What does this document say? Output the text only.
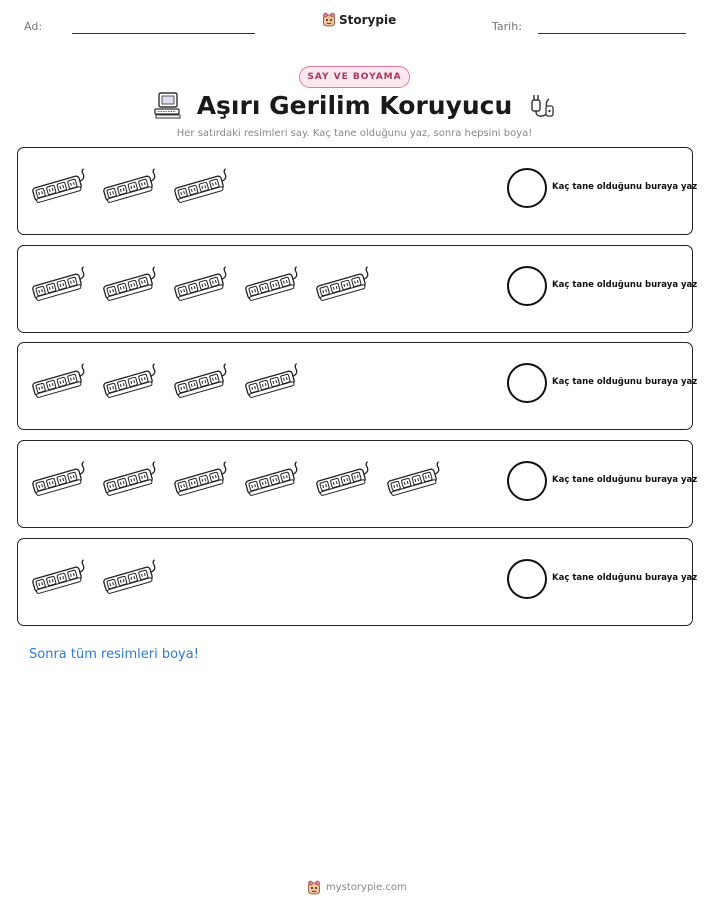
Ad:	Storypie	Tarih:
SAY VE BOYAMA
Aşırı Gerilim Koruyucu
Her satırdaki resimleri say. Kaç tane olduğunu yaz, sonra hepsini boya!
Kaç tane olduğunu buraya yaz
Kaç tane olduğunu buraya yaz
Kaç tane olduğunu buraya yaz
Kaç tane olduğunu buraya yaz
Kaç tane olduğunu buraya yaz
Sonra tüm resimleri boya!
mystorypie.com
